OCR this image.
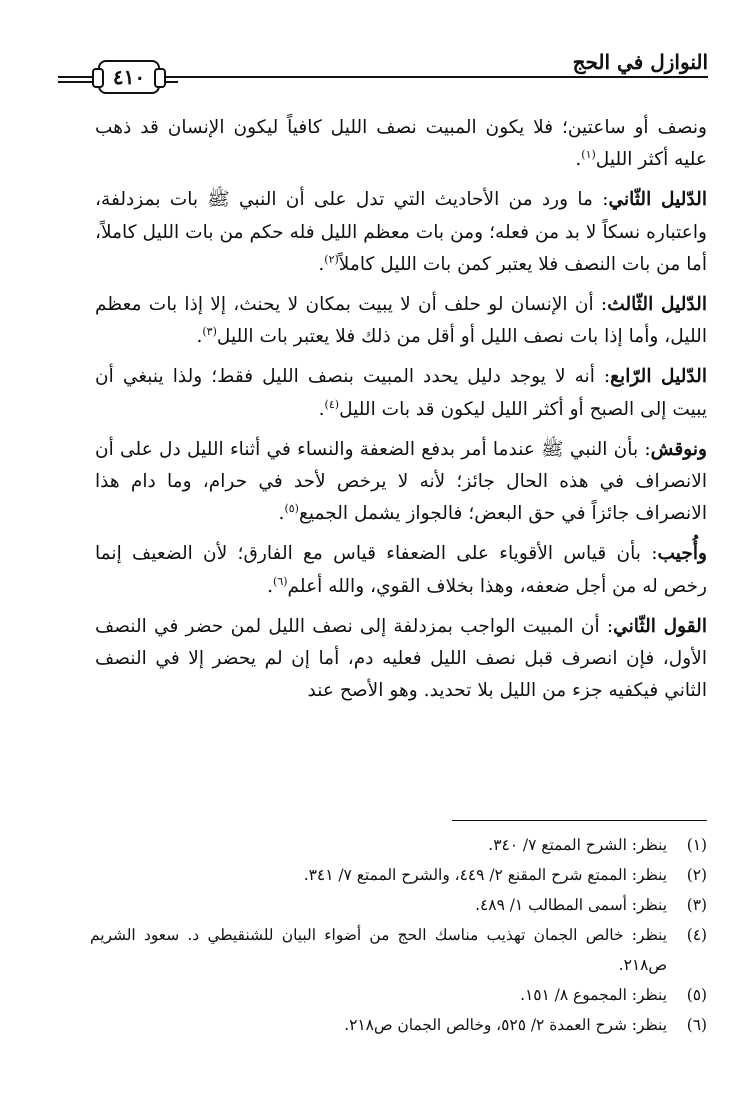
النوازل في الحج
٤١٠

ونصف أو ساعتين؛ فلا يكون المبيت نصف الليل كافياً ليكون الإنسان قد ذهب عليه أكثر الليل$^{(١)}$.

الدّليل الثّاني: ما ورد من الأحاديث التي تدل على أن النبي ﷺ بات بمزدلفة، واعتباره نسكاً لا بد من فعله؛ ومن بات معظم الليل فله حكم من بات الليل كاملاً، أما من بات النصف فلا يعتبر كمن بات الليل كاملاً$^{(٢)}$.

الدّليل الثّالث: أن الإنسان لو حلف أن لا يبيت بمكان لا يحنث، إلا إذا بات معظم الليل، وأما إذا بات نصف الليل أو أقل من ذلك فلا يعتبر بات الليل$^{(٣)}$.

الدّليل الرّابع: أنه لا يوجد دليل يحدد المبيت بنصف الليل فقط؛ ولذا ينبغي أن يبيت إلى الصبح أو أكثر الليل ليكون قد بات الليل$^{(٤)}$.

ونوقش: بأن النبي ﷺ عندما أمر بدفع الضعفة والنساء في أثناء الليل دل على أن الانصراف في هذه الحال جائز؛ لأنه لا يرخص لأحد في حرام، وما دام هذا الانصراف جائزاً في حق البعض؛ فالجواز يشمل الجميع$^{(٥)}$.

وأُجيب: بأن قياس الأقوياء على الضعفاء قياس مع الفارق؛ لأن الضعيف إنما رخص له من أجل ضعفه، وهذا بخلاف القوي، والله أعلم$^{(٦)}$.

القول الثّاني: أن المبيت الواجب بمزدلفة إلى نصف الليل لمن حضر في النصف الأول، فإن انصرف قبل نصف الليل فعليه دم، أما إن لم يحضر إلا في النصف الثاني فيكفيه جزء من الليل بلا تحديد. وهو الأصح عند

(١)
ينظر: الشرح الممتع ٧/ ٣٤٠.
(٢)
ينظر: الممتع شرح المقنع ٢/ ٤٤٩، والشرح الممتع ٧/ ٣٤١.
(٣)
ينظر: أسمى المطالب ١/ ٤٨٩.
(٤)
ينظر: خالص الجمان تهذيب مناسك الحج من أضواء البيان للشنقيطي د. سعود الشريم ص٢١٨.
(٥)
ينظر: المجموع ٨/ ١٥١.
(٦)
ينظر: شرح العمدة ٢/ ٥٢٥، وخالص الجمان ص٢١٨.
